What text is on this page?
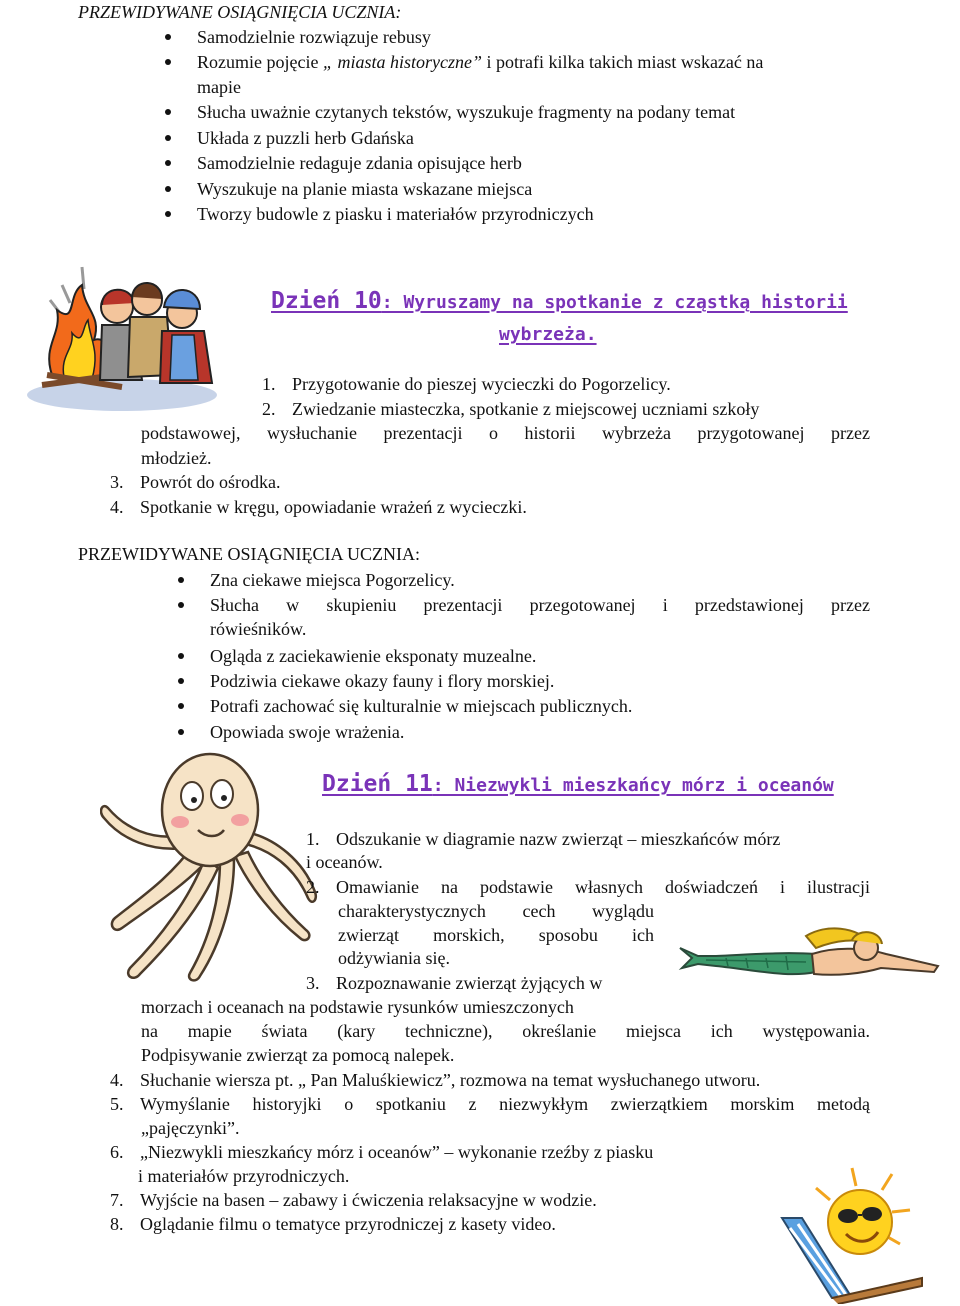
PRZEWIDYWANE OSIĄGNIĘCIA UCZNIA:
Samodzielnie rozwiązuje rebusy
Rozumie pojęcie „ miasta historyczne” i potrafi kilka takich miast wskazać na
mapie
Słucha uważnie czytanych tekstów, wyszukuje fragmenty na podany temat
Układa z puzzli herb Gdańska
Samodzielnie redaguje zdania opisujące herb
Wyszukuje na planie miasta wskazane miejsca
Tworzy budowle z piasku i materiałów przyrodniczych
Dzień 10: Wyruszamy na spotkanie z cząstką historii
wybrzeża.
1. Przygotowanie do pieszej wycieczki do Pogorzelicy.
2. Zwiedzanie miasteczka, spotkanie z miejscowej uczniami szkoły
podstawowej, wysłuchanie prezentacji o historii wybrzeża przygotowanej przez
młodzież.
3. Powrót do ośrodka.
4. Spotkanie w kręgu, opowiadanie wrażeń z wycieczki.
PRZEWIDYWANE OSIĄGNIĘCIA UCZNIA:
Zna ciekawe miejsca Pogorzelicy.
Słucha w skupieniu prezentacji przegotowanej i przedstawionej przez
rówieśników.
Ogląda z zaciekawienie eksponaty muzealne.
Podziwia ciekawe okazy fauny i flory morskiej.
Potrafi zachować się kulturalnie w miejscach publicznych.
Opowiada swoje wrażenia.
Dzień 11: Niezwykli mieszkańcy mórz i oceanów
1. Odszukanie w diagramie nazw zwierząt – mieszkańców mórz
i oceanów.
2. Omawianie na podstawie własnych doświadczeń i ilustracji
charakterystycznych cech wyglądu
zwierząt morskich, sposobu ich
odżywiania się.
3. Rozpoznawanie zwierząt żyjących w
morzach i oceanach na podstawie rysunków umieszczonych
na mapie świata (kary techniczne), określanie miejsca ich występowania.
Podpisywanie zwierząt za pomocą nalepek.
4. Słuchanie wiersza pt. „ Pan Maluśkiewicz”, rozmowa na temat wysłuchanego utworu.
5. Wymyślanie historyjki o spotkaniu z niezwykłym zwierzątkiem morskim metodą
„pajęczynki”.
6. „Niezwykli mieszkańcy mórz i oceanów” – wykonanie rzeźby z piasku
i materiałów przyrodniczych.
7. Wyjście na basen – zabawy i ćwiczenia relaksacyjne w wodzie.
8. Oglądanie filmu o tematyce przyrodniczej z kasety video.
